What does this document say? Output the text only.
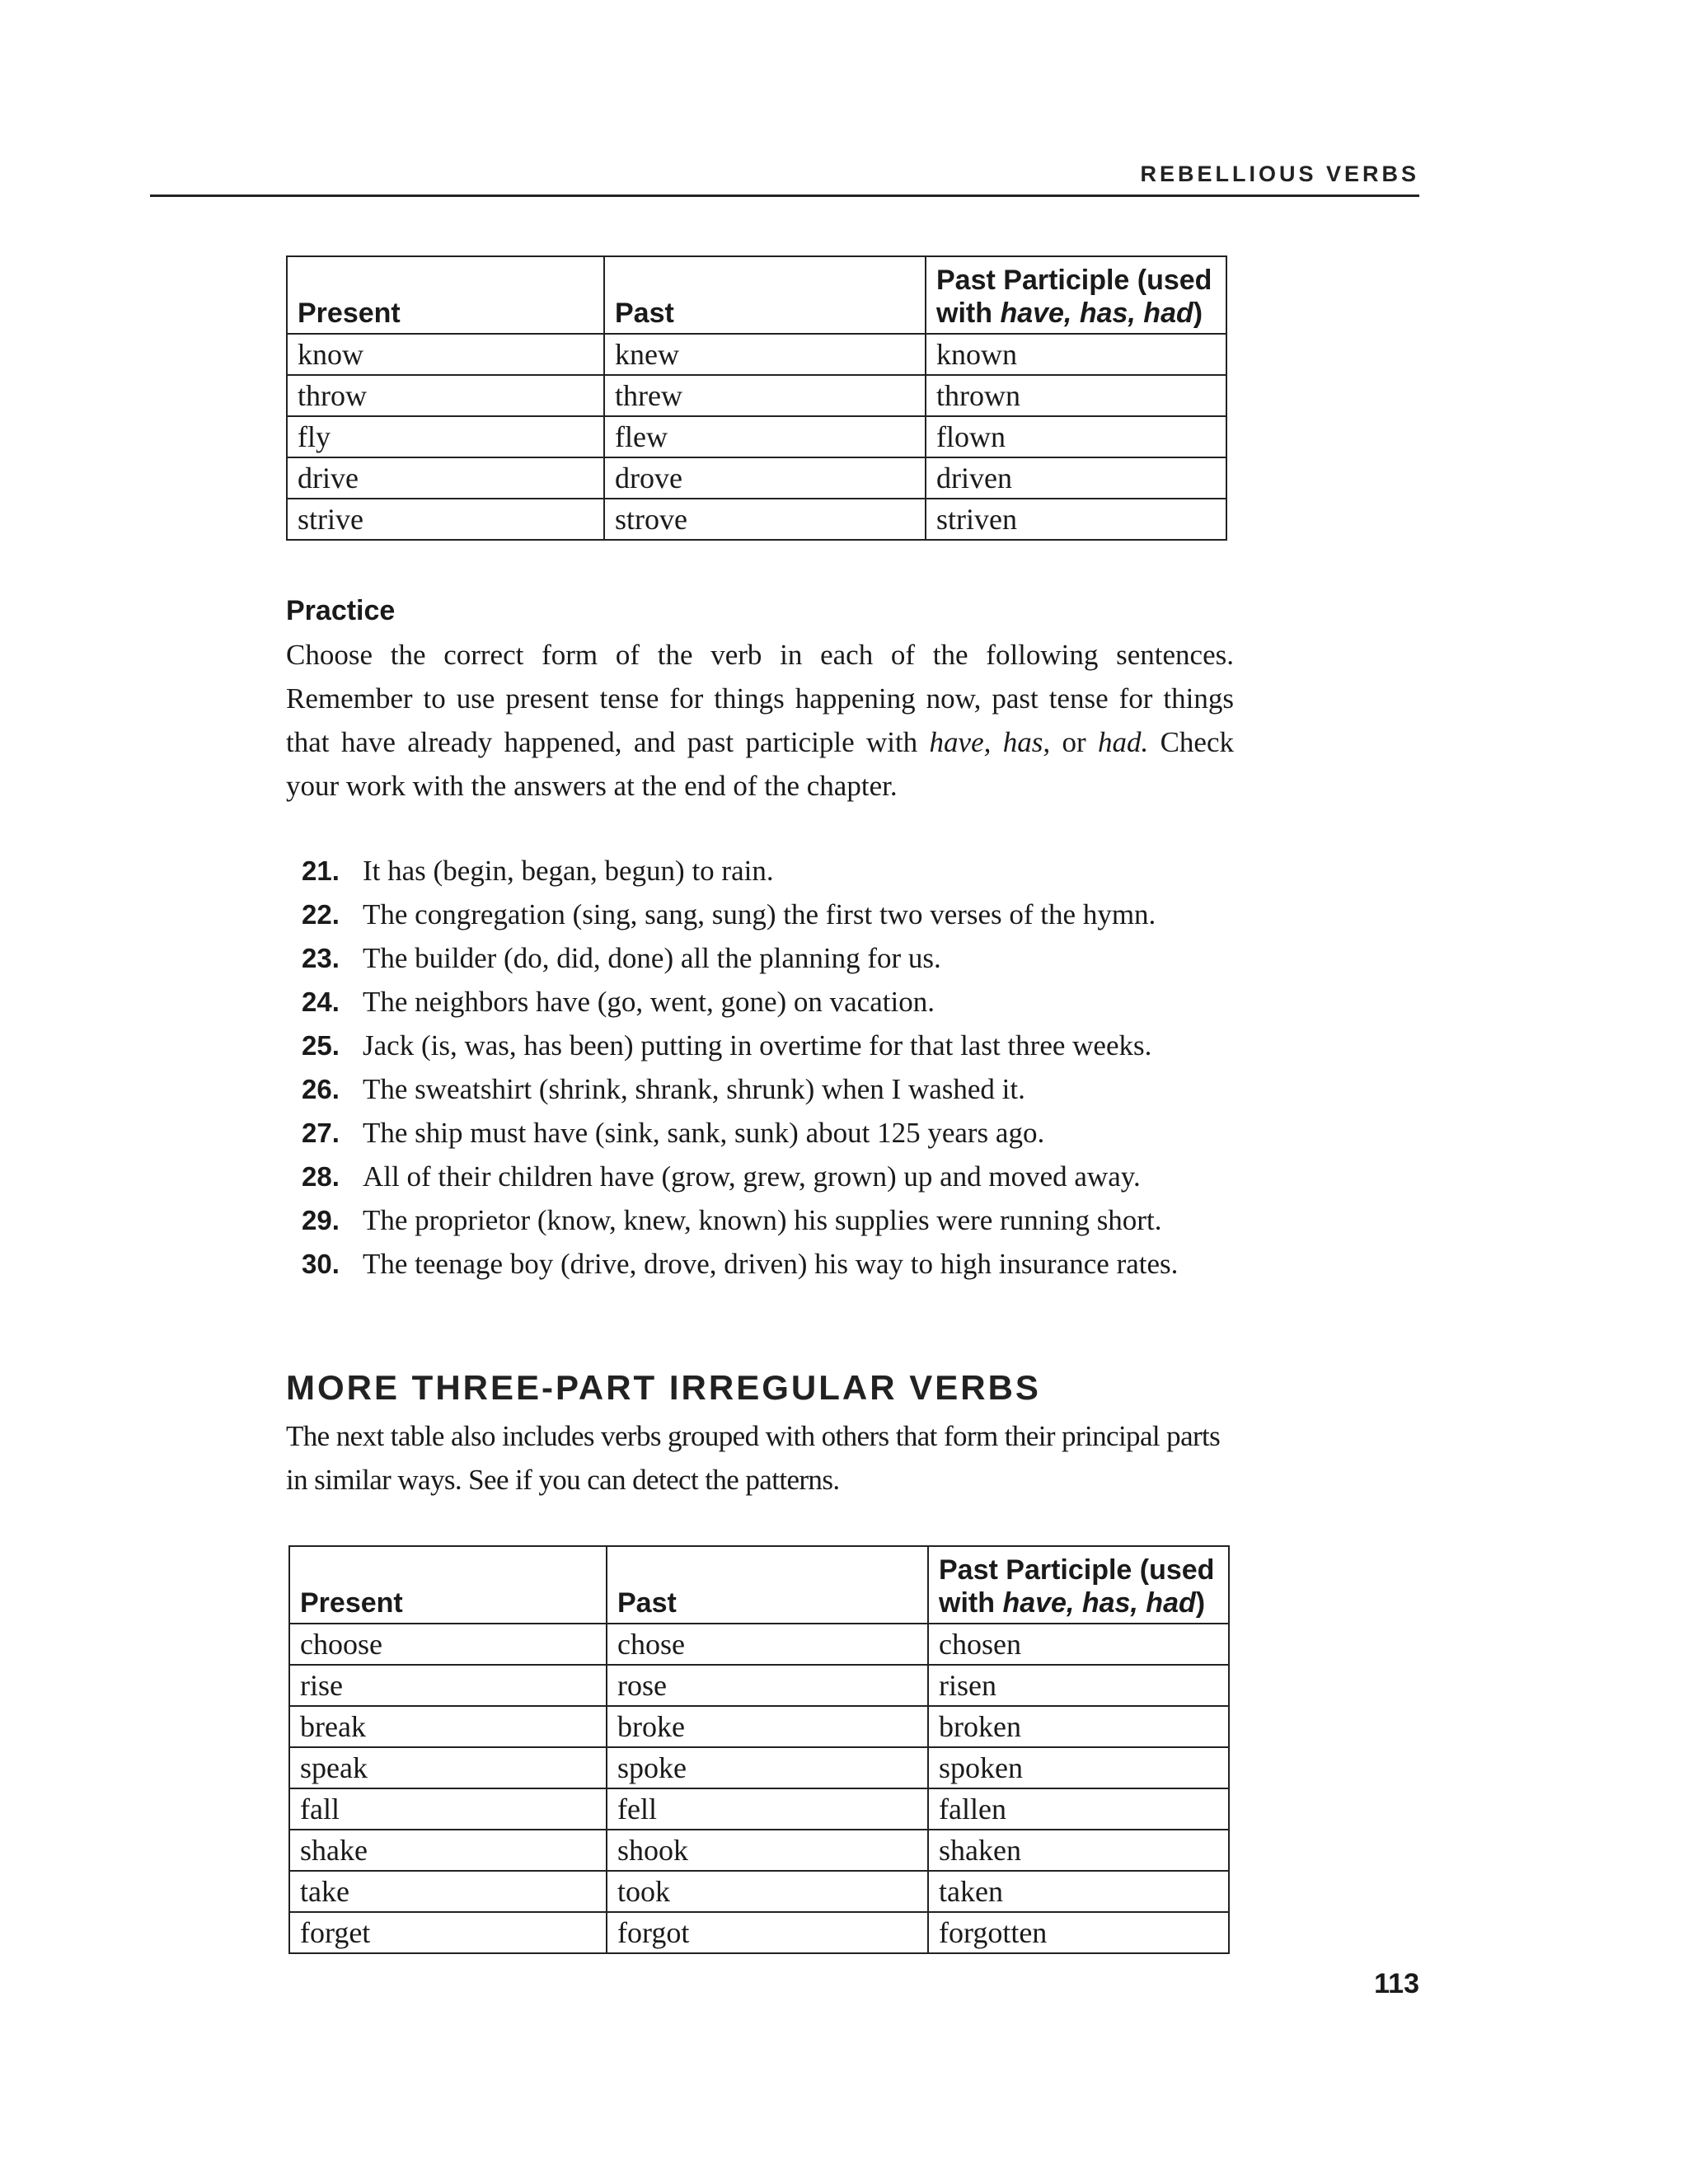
REBELLIOUS VERBS
Present	Past	Past Participle (used with have, has, had)
know	knew	known
throw	threw	thrown
fly	flew	flown
drive	drove	driven
strive	strove	striven
Practice

Choose the correct form of the verb in each of the following sentences. Remember to use present tense for things happening now, past tense for things that have already happened, and past participle with have, has, or had. Check your work with the answers at the end of the chapter.

21. It has (begin, began, begun) to rain.
22. The congregation (sing, sang, sung) the first two verses of the hymn.
23. The builder (do, did, done) all the planning for us.
24. The neighbors have (go, went, gone) on vacation.
25. Jack (is, was, has been) putting in overtime for that last three weeks.
26. The sweatshirt (shrink, shrank, shrunk) when I washed it.
27. The ship must have (sink, sank, sunk) about 125 years ago.
28. All of their children have (grow, grew, grown) up and moved away.
29. The proprietor (know, knew, known) his supplies were running short.
30. The teenage boy (drive, drove, driven) his way to high insurance rates.
MORE THREE-PART IRREGULAR VERBS

The next table also includes verbs grouped with others that form their principal parts in similar ways. See if you can detect the patterns.

Present	Past	Past Participle (used with have, has, had)
choose	chose	chosen
rise	rose	risen
break	broke	broken
speak	spoke	spoken
fall	fell	fallen
shake	shook	shaken
take	took	taken
forget	forgot	forgotten
113
